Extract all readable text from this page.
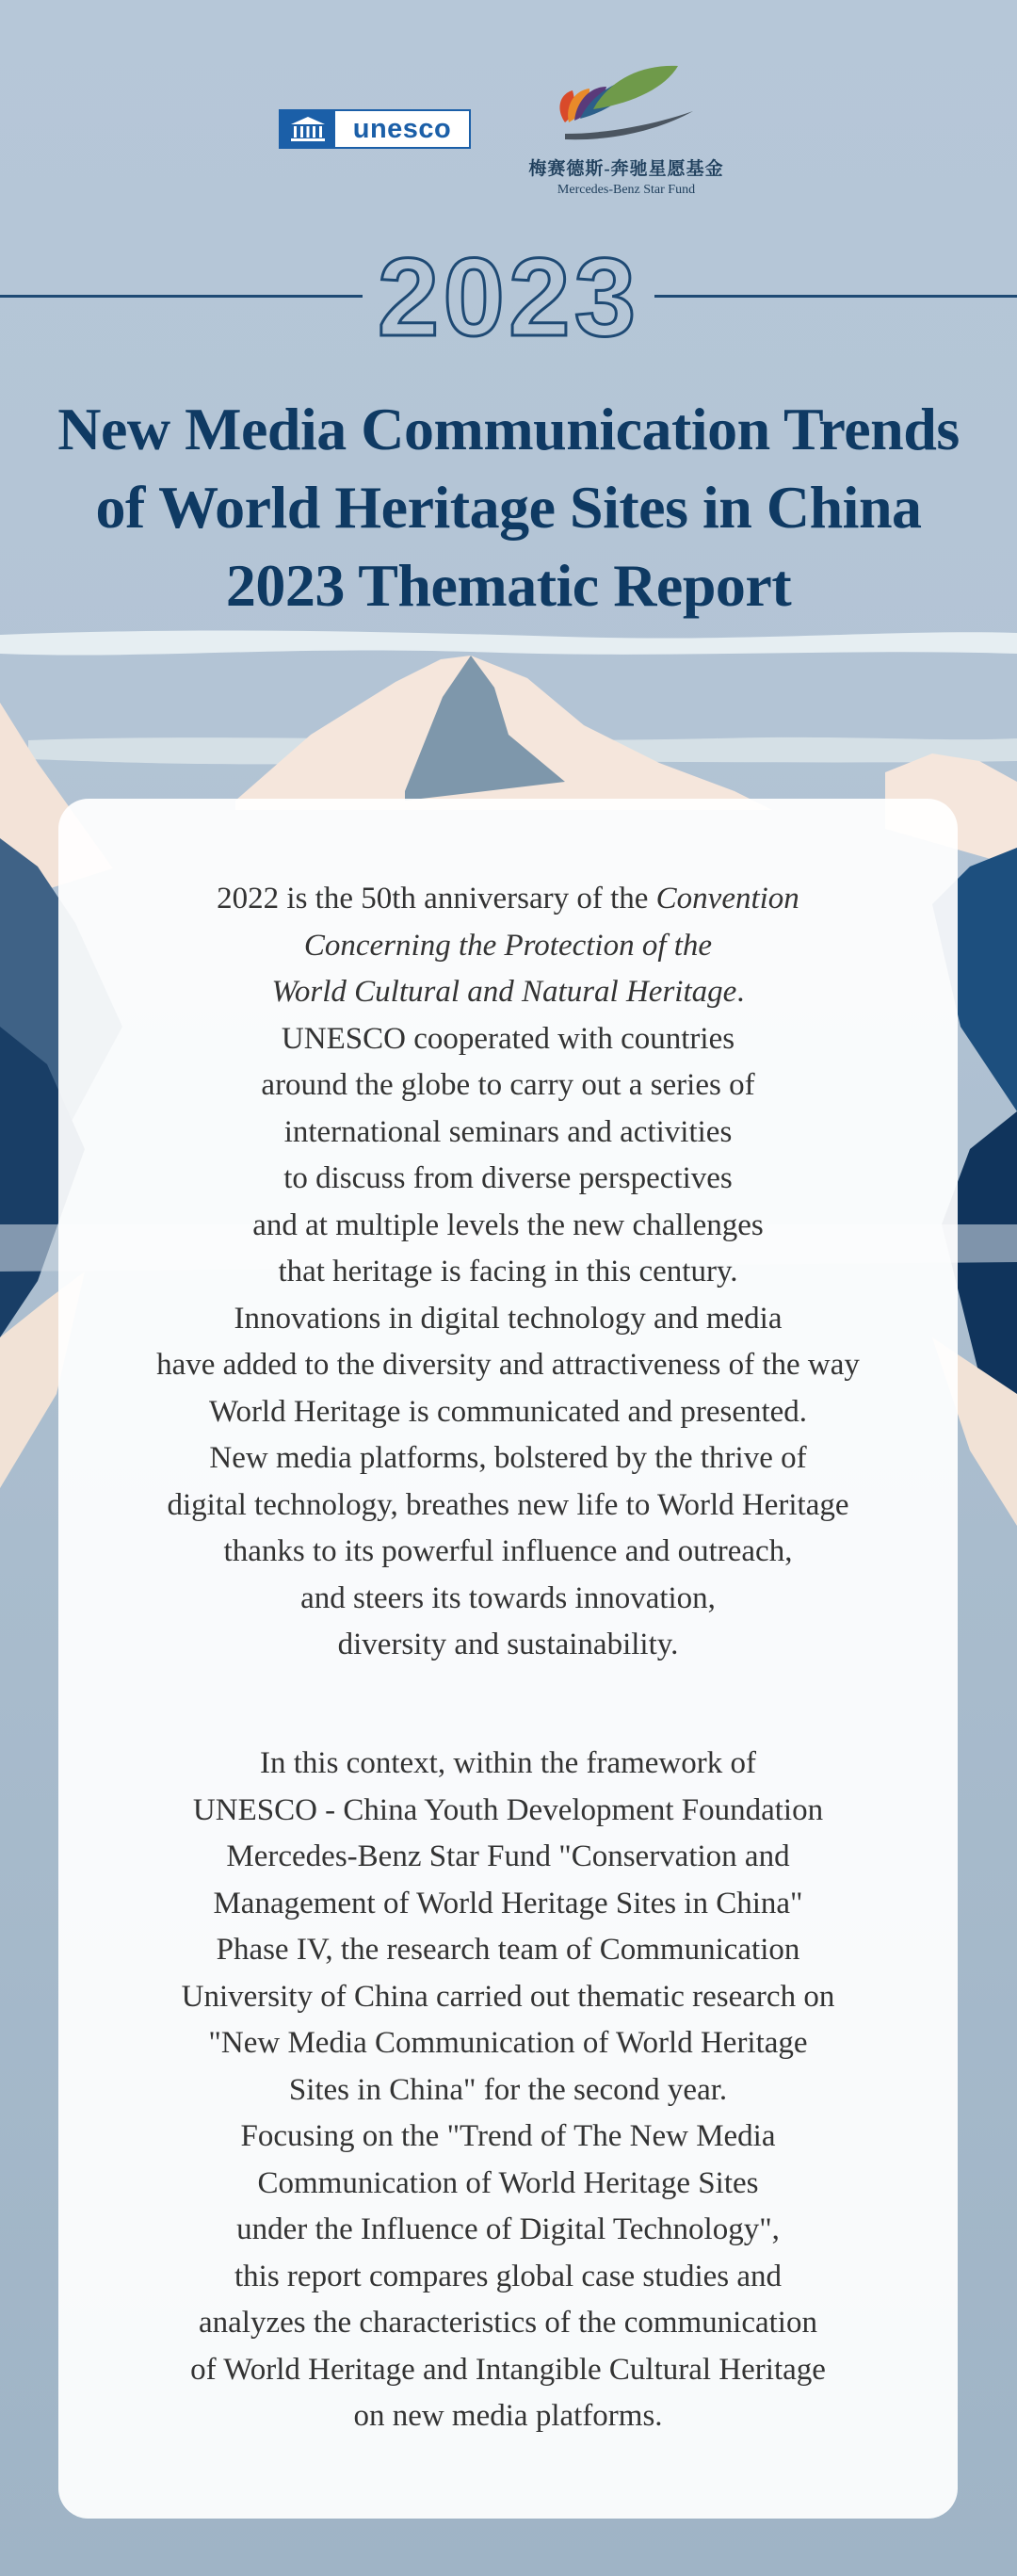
unesco
梅赛德斯-奔驰星愿基金
Mercedes-Benz Star Fund
2023
New Media Communication Trends
of World Heritage Sites in China
2023 Thematic Report
2022 is the 50th anniversary of the Convention
Concerning the Protection of the
World Cultural and Natural Heritage.
UNESCO cooperated with countries
around the globe to carry out a series of
international seminars and activities
to discuss from diverse perspectives
and at multiple levels the new challenges
that heritage is facing in this century.
Innovations in digital technology and media
have added to the diversity and attractiveness of the way
World Heritage is communicated and presented.
New media platforms, bolstered by the thrive of
digital technology, breathes new life to World Heritage
thanks to its powerful influence and outreach,
and steers its towards innovation,
diversity and sustainability.
In this context, within the framework of
UNESCO - China Youth Development Foundation
Mercedes-Benz Star Fund "Conservation and
Management of World Heritage Sites in China"
Phase IV, the research team of Communication
University of China carried out thematic research on
"New Media Communication of World Heritage
Sites in China" for the second year.
Focusing on the "Trend of The New Media
Communication of World Heritage Sites
under the Influence of Digital Technology",
this report compares global case studies and
analyzes the characteristics of the communication
of World Heritage and Intangible Cultural Heritage
on new media platforms.
